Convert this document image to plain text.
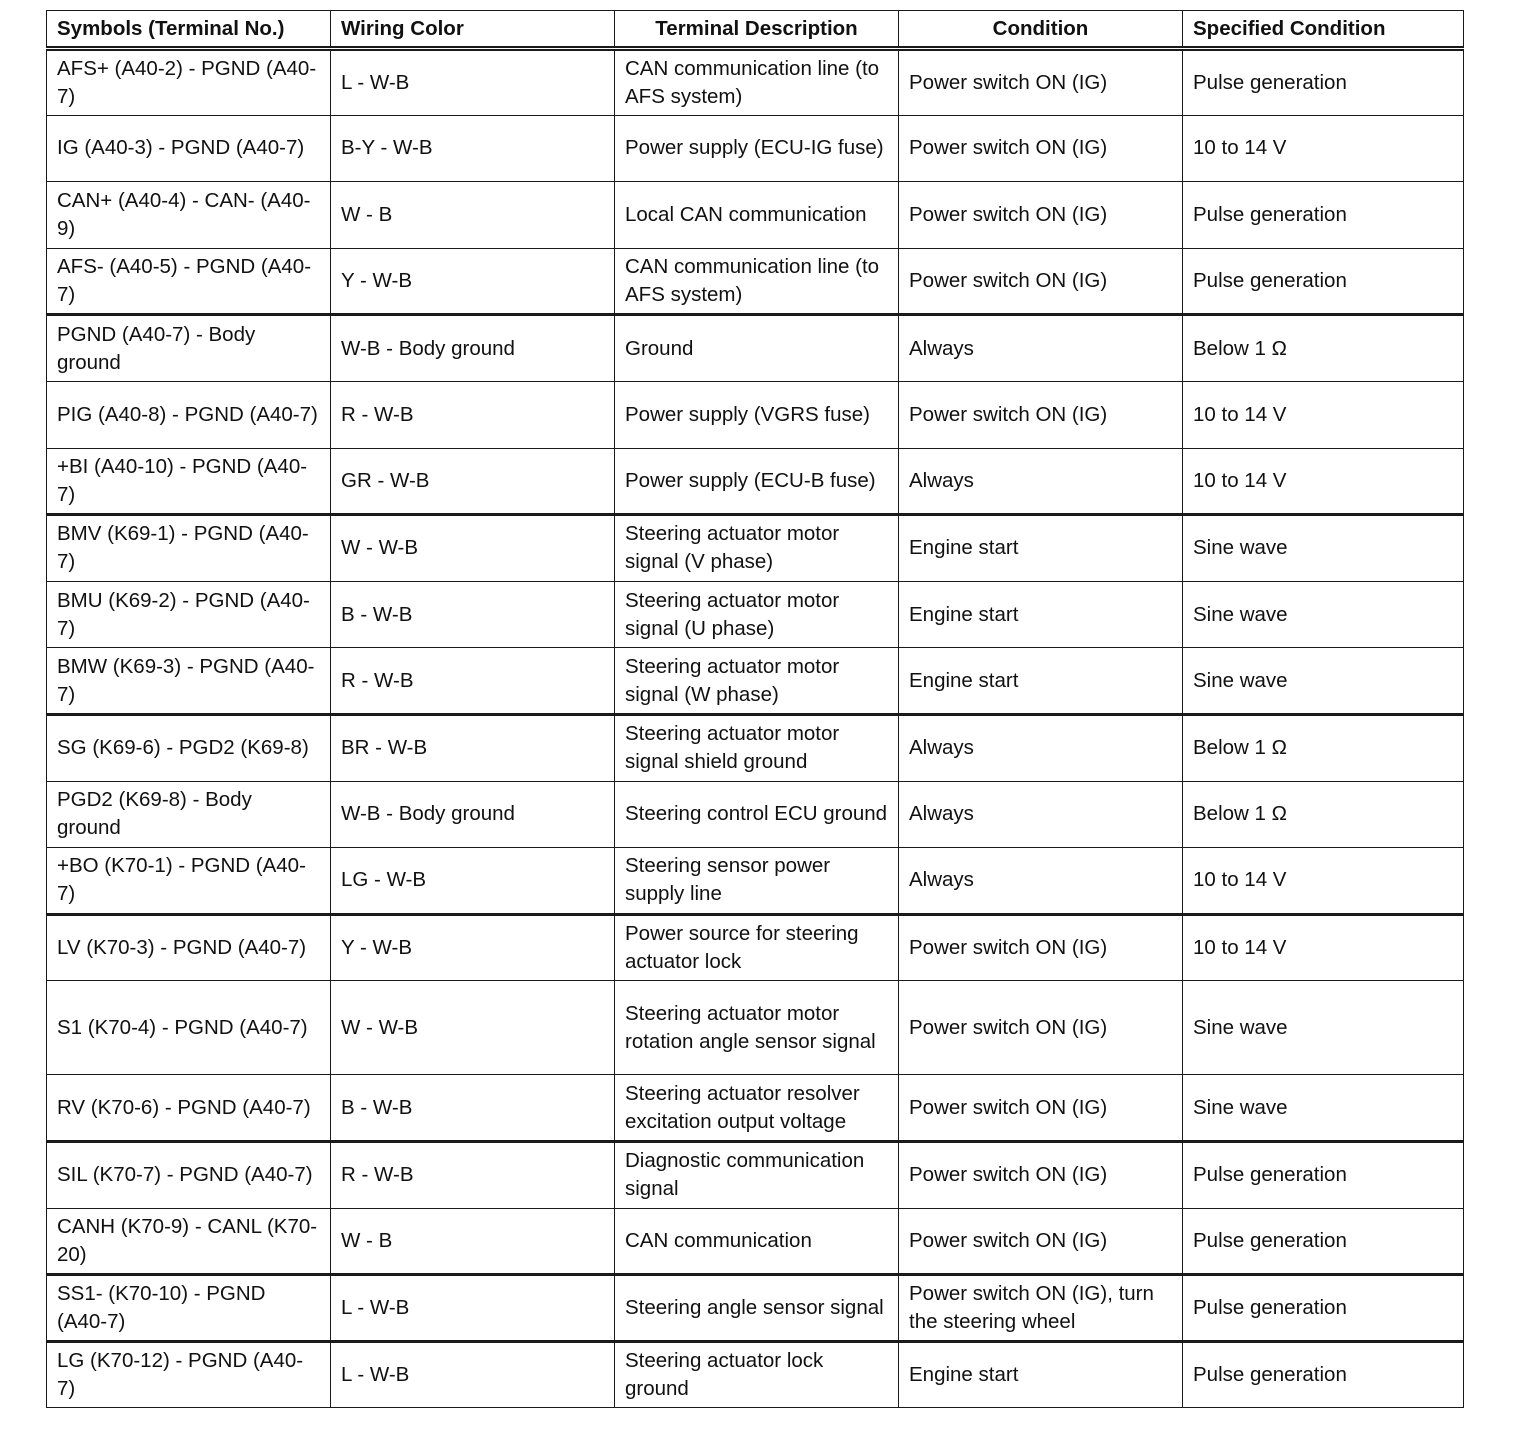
Symbols (Terminal No.)	Wiring Color	Terminal Description	Condition	Specified Condition
AFS+ (A40-2) - PGND (A40-7)	L - W-B	CAN communication line (to AFS system)	Power switch ON (IG)	Pulse generation
IG (A40-3) - PGND (A40-7)	B-Y - W-B	Power supply (ECU-IG fuse)	Power switch ON (IG)	10 to 14 V
CAN+ (A40-4) - CAN- (A40-9)	W - B	Local CAN communication	Power switch ON (IG)	Pulse generation
AFS- (A40-5) - PGND (A40-7)	Y - W-B	CAN communication line (to AFS system)	Power switch ON (IG)	Pulse generation
PGND (A40-7) - Body ground	W-B - Body ground	Ground	Always	Below 1 Ω
PIG (A40-8) - PGND (A40-7)	R - W-B	Power supply (VGRS fuse)	Power switch ON (IG)	10 to 14 V
+BI (A40-10) - PGND (A40-7)	GR - W-B	Power supply (ECU-B fuse)	Always	10 to 14 V
BMV (K69-1) - PGND (A40-7)	W - W-B	Steering actuator motor signal (V phase)	Engine start	Sine wave
BMU (K69-2) - PGND (A40-7)	B - W-B	Steering actuator motor signal (U phase)	Engine start	Sine wave
BMW (K69-3) - PGND (A40-7)	R - W-B	Steering actuator motor signal (W phase)	Engine start	Sine wave
SG (K69-6) - PGD2 (K69-8)	BR - W-B	Steering actuator motor signal shield ground	Always	Below 1 Ω
PGD2 (K69-8) - Body ground	W-B - Body ground	Steering control ECU ground	Always	Below 1 Ω
+BO (K70-1) - PGND (A40-7)	LG - W-B	Steering sensor power supply line	Always	10 to 14 V
LV (K70-3) - PGND (A40-7)	Y - W-B	Power source for steering actuator lock	Power switch ON (IG)	10 to 14 V
S1 (K70-4) - PGND (A40-7)	W - W-B	Steering actuator motor rotation angle sensor signal	Power switch ON (IG)	Sine wave
RV (K70-6) - PGND (A40-7)	B - W-B	Steering actuator resolver excitation output voltage	Power switch ON (IG)	Sine wave
SIL (K70-7) - PGND (A40-7)	R - W-B	Diagnostic communication signal	Power switch ON (IG)	Pulse generation
CANH (K70-9) - CANL (K70-20)	W - B	CAN communication	Power switch ON (IG)	Pulse generation
SS1- (K70-10) - PGND (A40-7)	L - W-B	Steering angle sensor signal	Power switch ON (IG), turn the steering wheel	Pulse generation
LG (K70-12) - PGND (A40-7)	L - W-B	Steering actuator lock ground	Engine start	Pulse generation
